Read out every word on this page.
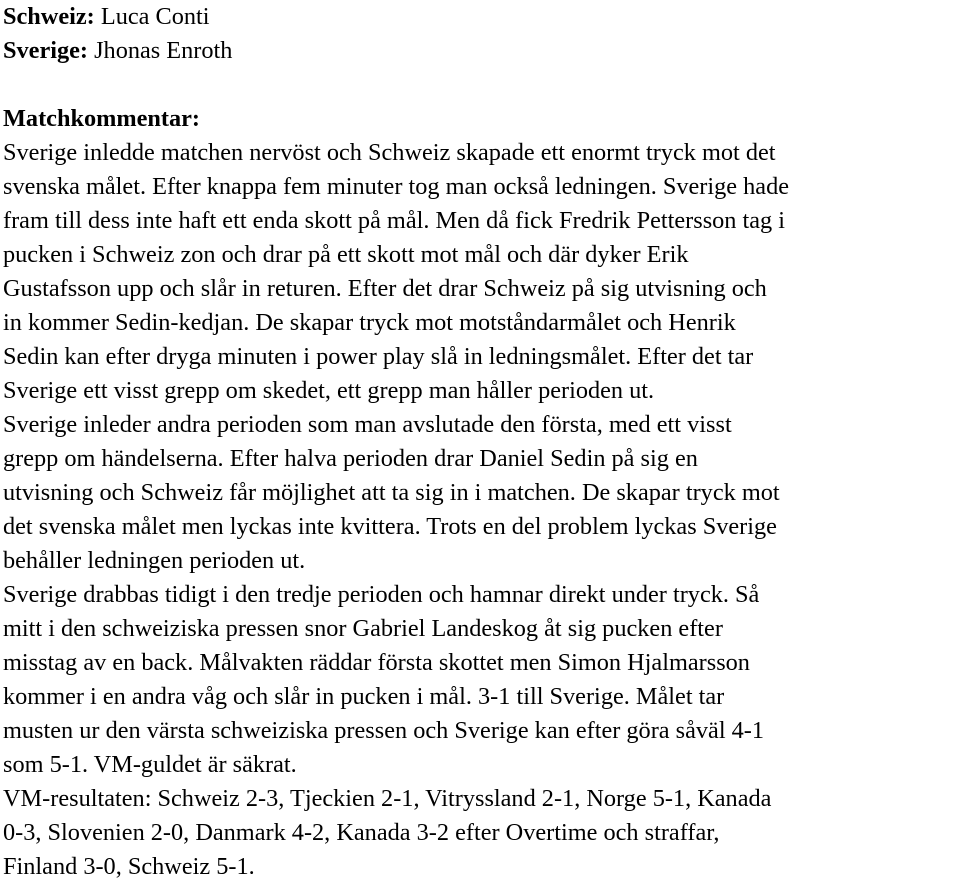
Schweiz: Luca Conti
Sverige: Jhonas Enroth
Matchkommentar:
Sverige inledde matchen nervöst och Schweiz skapade ett enormt tryck mot det
svenska målet. Efter knappa fem minuter tog man också ledningen. Sverige hade
fram till dess inte haft ett enda skott på mål. Men då fick Fredrik Pettersson tag i
pucken i Schweiz zon och drar på ett skott mot mål och där dyker Erik
Gustafsson upp och slår in returen. Efter det drar Schweiz på sig utvisning och
in kommer Sedin-kedjan. De skapar tryck mot motståndarmålet och Henrik
Sedin kan efter dryga minuten i power play slå in ledningsmålet. Efter det tar
Sverige ett visst grepp om skedet, ett grepp man håller perioden ut.
Sverige inleder andra perioden som man avslutade den första, med ett visst
grepp om händelserna. Efter halva perioden drar Daniel Sedin på sig en
utvisning och Schweiz får möjlighet att ta sig in i matchen. De skapar tryck mot
det svenska målet men lyckas inte kvittera. Trots en del problem lyckas Sverige
behåller ledningen perioden ut.
Sverige drabbas tidigt i den tredje perioden och hamnar direkt under tryck. Så
mitt i den schweiziska pressen snor Gabriel Landeskog åt sig pucken efter
misstag av en back. Målvakten räddar första skottet men Simon Hjalmarsson
kommer i en andra våg och slår in pucken i mål. 3-1 till Sverige. Målet tar
musten ur den värsta schweiziska pressen och Sverige kan efter göra såväl 4-1
som 5-1. VM-guldet är säkrat.
VM-resultaten: Schweiz 2-3, Tjeckien 2-1, Vitryssland 2-1, Norge 5-1, Kanada
0-3, Slovenien 2-0, Danmark 4-2, Kanada 3-2 efter Overtime och straffar,
Finland 3-0, Schweiz 5-1.
